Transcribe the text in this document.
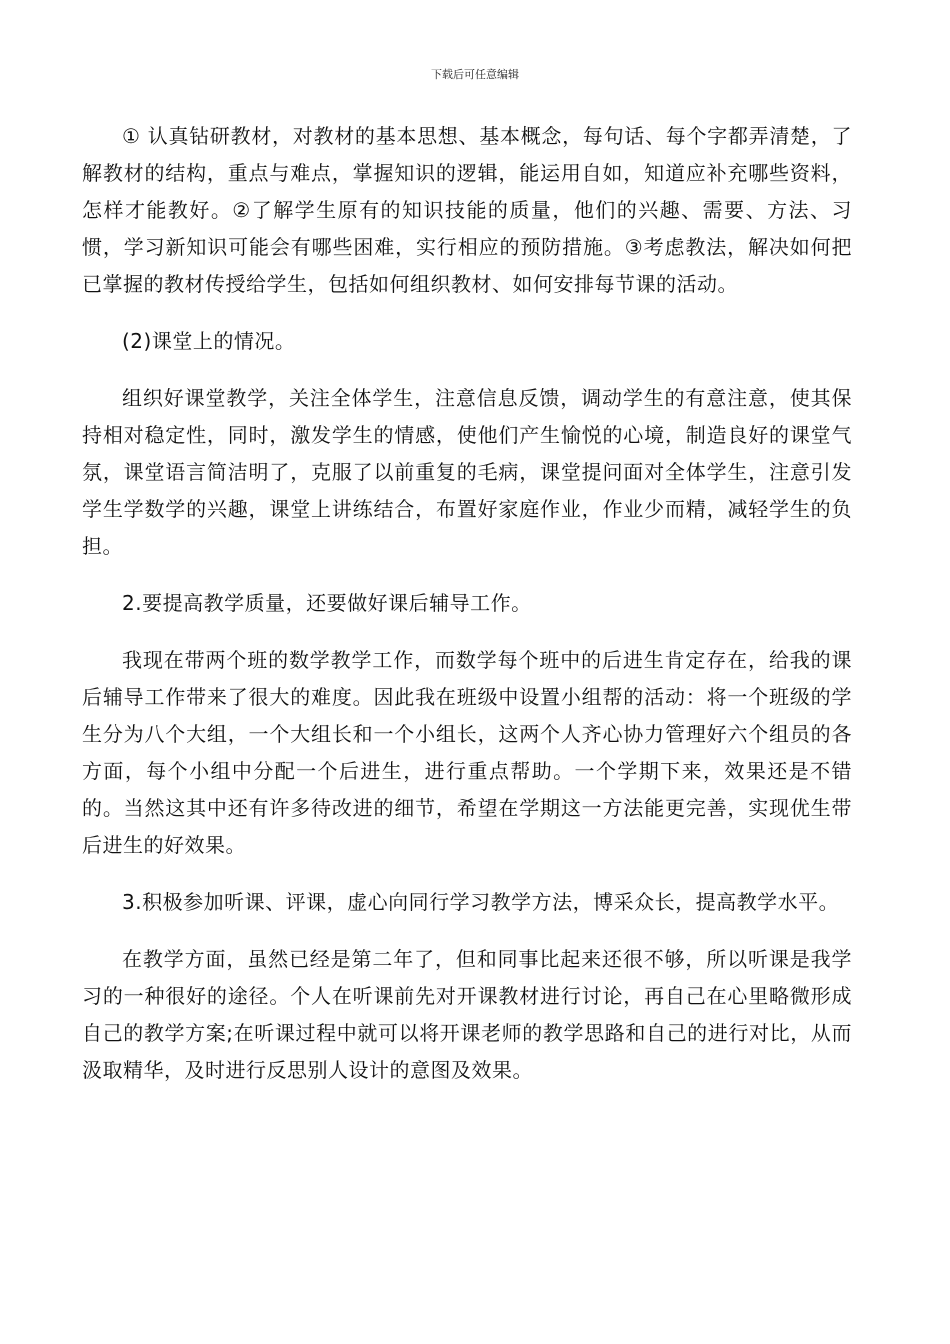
下载后可任意编辑

① 认真钻研教材，对教材的基本思想、基本概念，每句话、每个字都弄清楚，了解教材的结构，重点与难点，掌握知识的逻辑，能运用自如，知道应补充哪些资料，怎样才能教好。②了解学生原有的知识技能的质量，他们的兴趣、需要、方法、习惯，学习新知识可能会有哪些困难，实行相应的预防措施。③考虑教法，解决如何把已掌握的教材传授给学生，包括如何组织教材、如何安排每节课的活动。

(2)课堂上的情况。

组织好课堂教学，关注全体学生，注意信息反馈，调动学生的有意注意，使其保持相对稳定性，同时，激发学生的情感，使他们产生愉悦的心境，制造良好的课堂气氛，课堂语言简洁明了，克服了以前重复的毛病，课堂提问面对全体学生，注意引发学生学数学的兴趣，课堂上讲练结合，布置好家庭作业，作业少而精，减轻学生的负担。

2.要提高教学质量，还要做好课后辅导工作。

我现在带两个班的数学教学工作，而数学每个班中的后进生肯定存在，给我的课后辅导工作带来了很大的难度。因此我在班级中设置小组帮的活动：将一个班级的学生分为八个大组，一个大组长和一个小组长，这两个人齐心协力管理好六个组员的各方面，每个小组中分配一个后进生，进行重点帮助。一个学期下来，效果还是不错的。当然这其中还有许多待改进的细节，希望在学期这一方法能更完善，实现优生带后进生的好效果。

3.积极参加听课、评课，虚心向同行学习教学方法，博采众长，提高教学水平。

在教学方面，虽然已经是第二年了，但和同事比起来还很不够，所以听课是我学习的一种很好的途径。个人在听课前先对开课教材进行讨论，再自己在心里略微形成自己的教学方案;在听课过程中就可以将开课老师的教学思路和自己的进行对比，从而汲取精华，及时进行反思别人设计的意图及效果。
